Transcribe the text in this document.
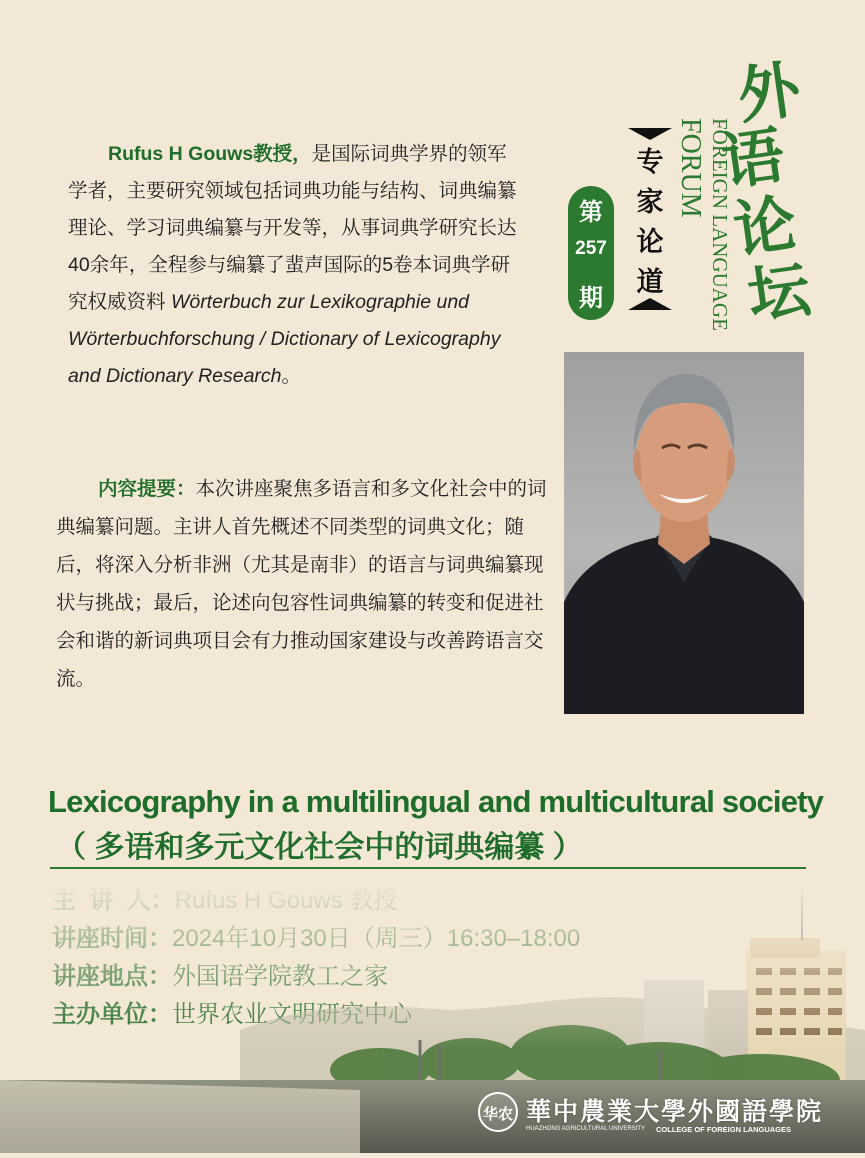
外
语
论
坛
FOREIGN LANGUAGE
FORUM
专
家
论
道
第
257
期
Rufus H Gouws教授，是国际词典学界的领军学者，主要研究领域包括词典功能与结构、词典编纂理论、学习词典编纂与开发等，从事词典学研究长达40余年，全程参与编纂了蜚声国际的5卷本词典学研究权威资料 Wörterbuch zur Lexikographie und Wörterbuchforschung / Dictionary of Lexicography and Dictionary Research。
内容提要：本次讲座聚焦多语言和多文化社会中的词典编纂问题。主讲人首先概述不同类型的词典文化；随后，将深入分析非洲（尤其是南非）的语言与词典编纂现状与挑战；最后，论述向包容性词典编纂的转变和促进社会和谐的新词典项目会有力推动国家建设与改善跨语言交流。
Lexicography in a multilingual and multicultural society
（ 多语和多元文化社会中的词典编纂 ）
华农 華中農業大學外國語學院
HUAZHONG AGRICULTURAL UNIVERSITY COLLEGE OF FOREIGN LANGUAGES
